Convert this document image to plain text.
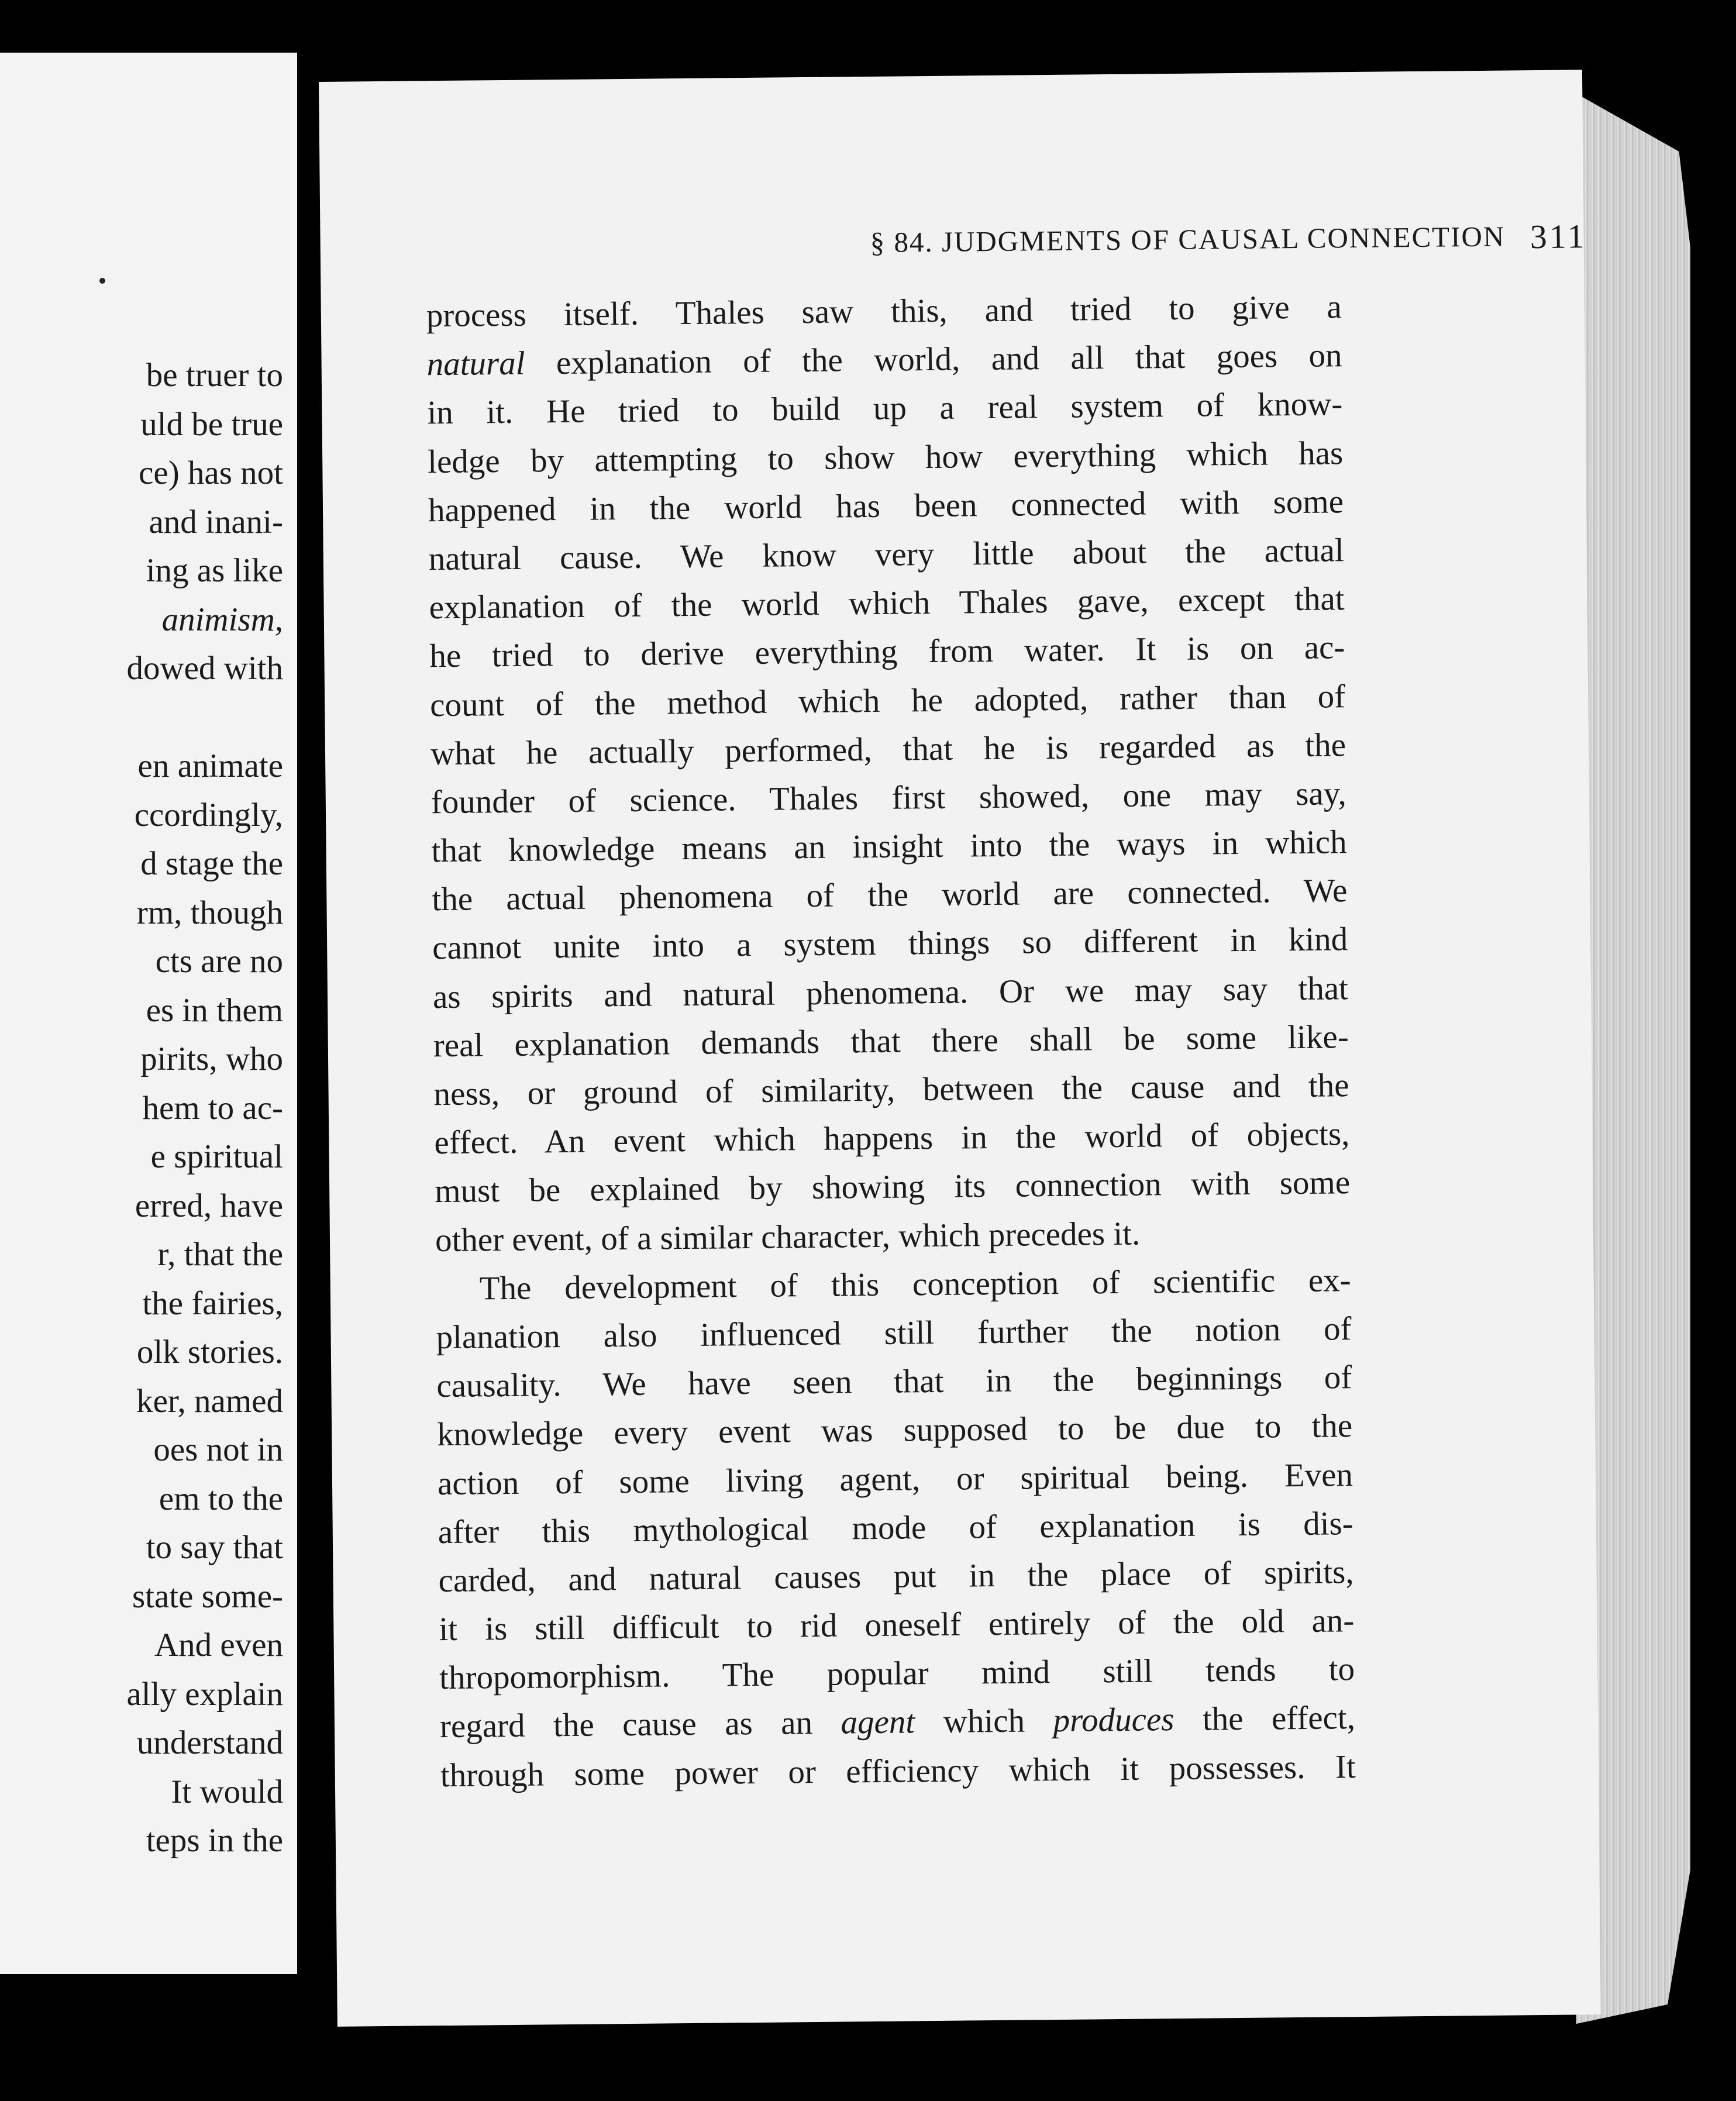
be truer to
uld be true
ce) has not
and inani-
ing as like
animism,
dowed with
en animate
ccordingly,
d stage the
rm, though
cts are no
es in them
pirits, who
hem to ac-
e spiritual
erred, have
r, that the
the fairies,
olk stories.
ker, named
oes not in
em to the
to say that
state some-
And even
ally explain
understand
It would
teps in the
§ 84. JUDGMENTS OF CAUSAL CONNECTION 311
process itself. Thales saw this, and tried to give a
natural explanation of the world, and all that goes on
in it. He tried to build up a real system of know-
ledge by attempting to show how everything which has
happened in the world has been connected with some
natural cause. We know very little about the actual
explanation of the world which Thales gave, except that
he tried to derive everything from water. It is on ac-
count of the method which he adopted, rather than of
what he actually performed, that he is regarded as the
founder of science. Thales first showed, one may say,
that knowledge means an insight into the ways in which
the actual phenomena of the world are connected. We
cannot unite into a system things so different in kind
as spirits and natural phenomena. Or we may say that
real explanation demands that there shall be some like-
ness, or ground of similarity, between the cause and the
effect. An event which happens in the world of objects,
must be explained by showing its connection with some
other event, of a similar character, which precedes it.
The development of this conception of scientific ex-
planation also influenced still further the notion of
causality. We have seen that in the beginnings of
knowledge every event was supposed to be due to the
action of some living agent, or spiritual being. Even
after this mythological mode of explanation is dis-
carded, and natural causes put in the place of spirits,
it is still difficult to rid oneself entirely of the old an-
thropomorphism. The popular mind still tends to
regard the cause as an agent which produces the effect,
through some power or efficiency which it possesses. It
